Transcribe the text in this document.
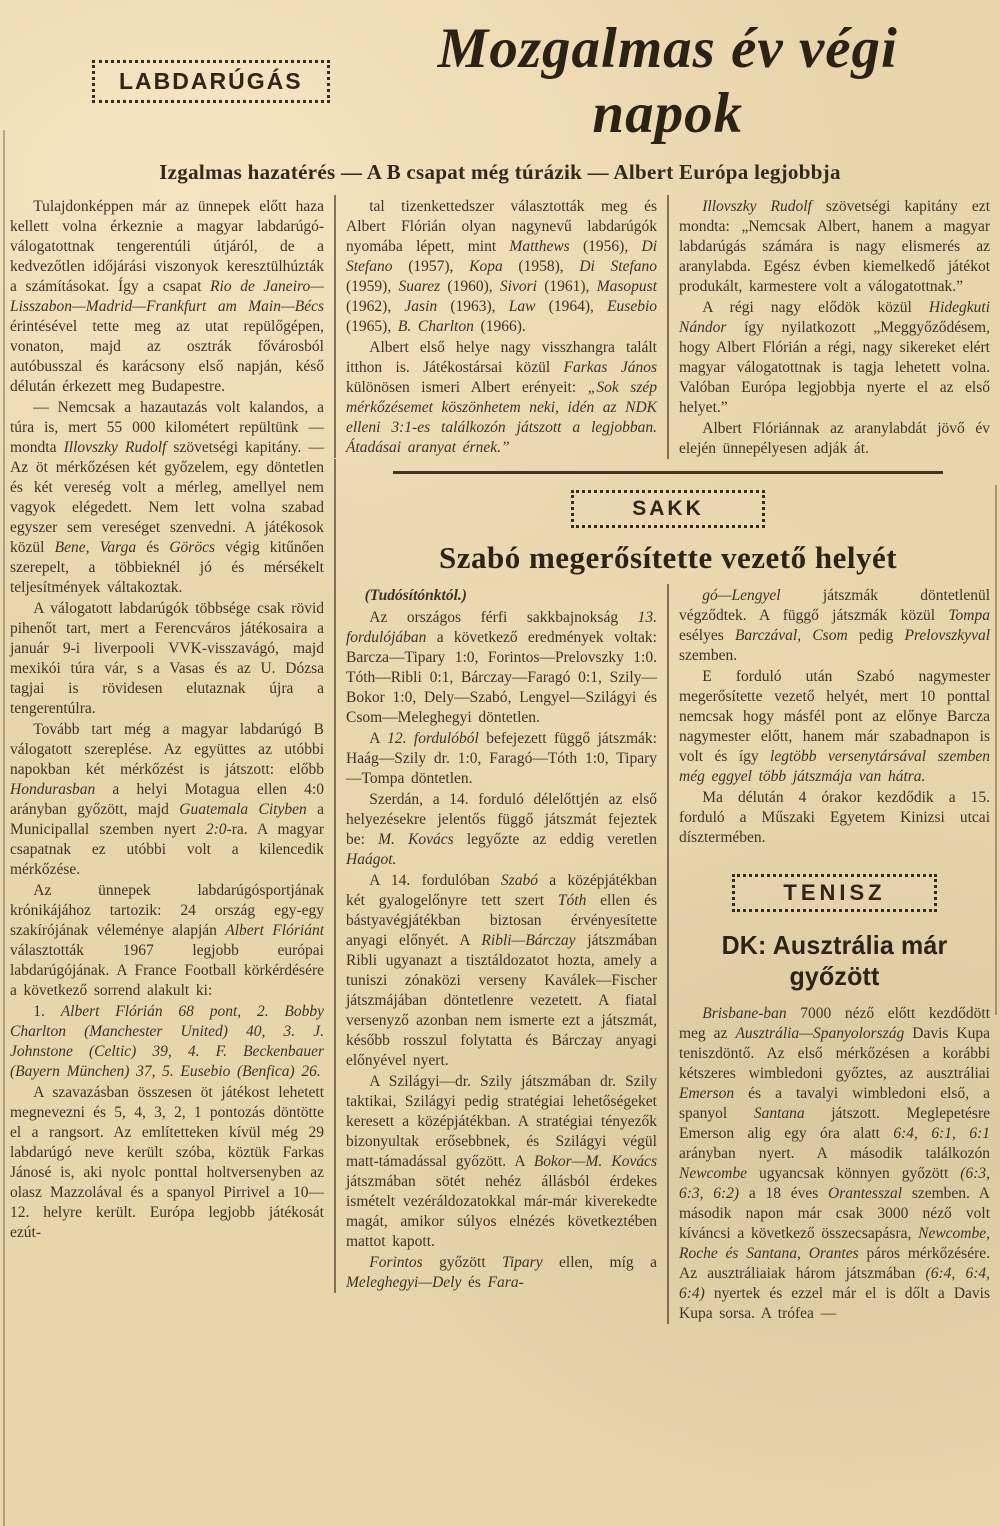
LABDARÚGÁS
Mozgalmas év végi napok
Izgalmas hazatérés — A B csapat még túrázik — Albert Európa legjobbja

Tulajdonképpen már az ünnepek előtt haza kellett volna érkeznie a magyar labdarúgó-válogatottnak tengerentúli útjáról, de a kedvezőtlen időjárási viszonyok keresztülhúzták a számításokat. Így a csapat Rio de Janeiro—Lisszabon—Madrid—Frankfurt am Main—Bécs érintésével tette meg az utat repülőgépen, vonaton, majd az osztrák fővárosból autóbusszal és karácsony első napján, késő délután érkezett meg Budapestre.

— Nemcsak a hazautazás volt kalandos, a túra is, mert 55 000 kilométert repültünk — mondta Illovszky Rudolf szövetségi kapitány. — Az öt mérkőzésen két győzelem, egy döntetlen és két vereség volt a mérleg, amellyel nem vagyok elégedett. Nem lett volna szabad egyszer sem vereséget szenvedni. A játékosok közül Bene, Varga és Göröcs végig kitűnően szerepelt, a többieknél jó és mérsékelt teljesítmények váltakoztak.

A válogatott labdarúgók többsége csak rövid pihenőt tart, mert a Ferencváros játékosaira a január 9-i liverpooli VVK-visszavágó, majd mexikói túra vár, s a Vasas és az U. Dózsa tagjai is rövidesen elutaznak újra a tengerentúlra.

Tovább tart még a magyar labdarúgó B válogatott szereplése. Az együttes az utóbbi napokban két mérkőzést is játszott: előbb Hondurasban a helyi Motagua ellen 4:0 arányban győzött, majd Guatemala Cityben a Municipallal szemben nyert 2:0-ra. A magyar csapatnak ez utóbbi volt a kilencedik mérkőzése.

Az ünnepek labdarúgósportjának krónikájához tartozik: 24 ország egy-egy szakírójának véleménye alapján Albert Flóriánt választották 1967 legjobb európai labdarúgójának. A France Football körkérdésére a következő sorrend alakult ki:

1. Albert Flórián 68 pont, 2. Bobby Charlton (Manchester United) 40, 3. J. Johnstone (Celtic) 39, 4. F. Beckenbauer (Bayern München) 37, 5. Eusebio (Benfica) 26.

A szavazásban összesen öt játékost lehetett megnevezni és 5, 4, 3, 2, 1 pontozás döntötte el a rangsort. Az említetteken kívül még 29 labdarúgó neve került szóba, köztük Farkas Jánosé is, aki nyolc ponttal holtversenyben az olasz Mazzolával és a spanyol Pirrivel a 10—12. helyre került. Európa legjobb játékosát ezút-

tal tizenkettedszer választották meg és Albert Flórián olyan nagynevű labdarúgók nyomába lépett, mint Matthews (1956), Di Stefano (1957), Kopa (1958), Di Stefano (1959), Suarez (1960), Sivori (1961), Masopust (1962), Jasin (1963), Law (1964), Eusebio (1965), B. Charlton (1966).

Albert első helye nagy visszhangra talált itthon is. Játékostársai közül Farkas János különösen ismeri Albert erényeit: „Sok szép mérkőzésemet köszönhetem neki, idén az NDK elleni 3:1-es találkozón játszott a legjobban. Átadásai aranyat érnek.”

Illovszky Rudolf szövetségi kapitány ezt mondta: „Nemcsak Albert, hanem a magyar labdarúgás számára is nagy elismerés az aranylabda. Egész évben kiemelkedő játékot produkált, karmestere volt a válogatottnak.”

A régi nagy elődök közül Hidegkuti Nándor így nyilatkozott „Meggyőződésem, hogy Albert Flórián a régi, nagy sikereket elért magyar válogatottnak is tagja lehetett volna. Valóban Európa legjobbja nyerte el az első helyet.”

Albert Flóriánnak az aranylabdát jövő év elején ünnepélyesen adják át.

SAKK
Szabó megerősítette vezető helyét

(Tudósítónktól.)

Az országos férfi sakkbajnokság 13. fordulójában a következő eredmények voltak: Barcza—Tipary 1:0, Forintos—Prelovszky 1:0. Tóth—Ribli 0:1, Bárczay—Faragó 0:1, Szily—Bokor 1:0, Dely—Szabó, Lengyel—Szilágyi és Csom—Meleghegyi döntetlen.

A 12. fordulóból befejezett függő játszmák: Haág—Szily dr. 1:0, Faragó—Tóth 1:0, Tipary—Tompa döntetlen.

Szerdán, a 14. forduló délelőttjén az első helyezésekre jelentős függő játszmát fejeztek be: M. Kovács legyőzte az eddig veretlen Haágot.

A 14. fordulóban Szabó a középjátékban két gyalogelőnyre tett szert Tóth ellen és bástyavégjátékban biztosan érvényesítette anyagi előnyét. A Ribli—Bárczay játszmában Ribli ugyanazt a tisztáldozatot hozta, amely a tuniszi zónaközi verseny Kaválek—Fischer játszmájában döntetlenre vezetett. A fiatal versenyző azonban nem ismerte ezt a játszmát, később rosszul folytatta és Bárczay anyagi előnyével nyert.

A Szilágyi—dr. Szily játszmában dr. Szily taktikai, Szilágyi pedig stratégiai lehetőségeket keresett a középjátékban. A stratégiai tényezők bizonyultak erősebbnek, és Szilágyi végül matt-támadással győzött. A Bokor—M. Kovács játszmában sötét nehéz állásból érdekes ismételt vezéráldozatokkal már-már kiverekedte magát, amikor súlyos elnézés következtében mattot kapott.

Forintos győzött Tipary ellen, míg a Meleghegyi—Dely és Fara-

gó—Lengyel játszmák döntetlenül végződtek. A függő játszmák közül Tompa esélyes Barczával, Csom pedig Prelovszkyval szemben.

E forduló után Szabó nagymester megerősítette vezető helyét, mert 10 ponttal nemcsak hogy másfél pont az előnye Barcza nagymester előtt, hanem már szabadnapon is volt és így legtöbb versenytársával szemben még eggyel több játszmája van hátra.

Ma délután 4 órakor kezdődik a 15. forduló a Műszaki Egyetem Kinizsi utcai dísztermében.

TENISZ
DK: Ausztrália már győzött

Brisbane-ban 7000 néző előtt kezdődött meg az Ausztrália—Spanyolország Davis Kupa teniszdöntő. Az első mérkőzésen a korábbi kétszeres wimbledoni győztes, az ausztráliai Emerson és a tavalyi wimbledoni első, a spanyol Santana játszott. Meglepetésre Emerson alig egy óra alatt 6:4, 6:1, 6:1 arányban nyert. A második találkozón Newcombe ugyancsak könnyen győzött (6:3, 6:3, 6:2) a 18 éves Orantesszal szemben. A második napon már csak 3000 néző volt kíváncsi a következő összecsapásra, Newcombe, Roche és Santana, Orantes páros mérkőzésére. Az ausztráliaiak három játszmában (6:4, 6:4, 6:4) nyertek és ezzel már el is dőlt a Davis Kupa sorsa. A trófea —
